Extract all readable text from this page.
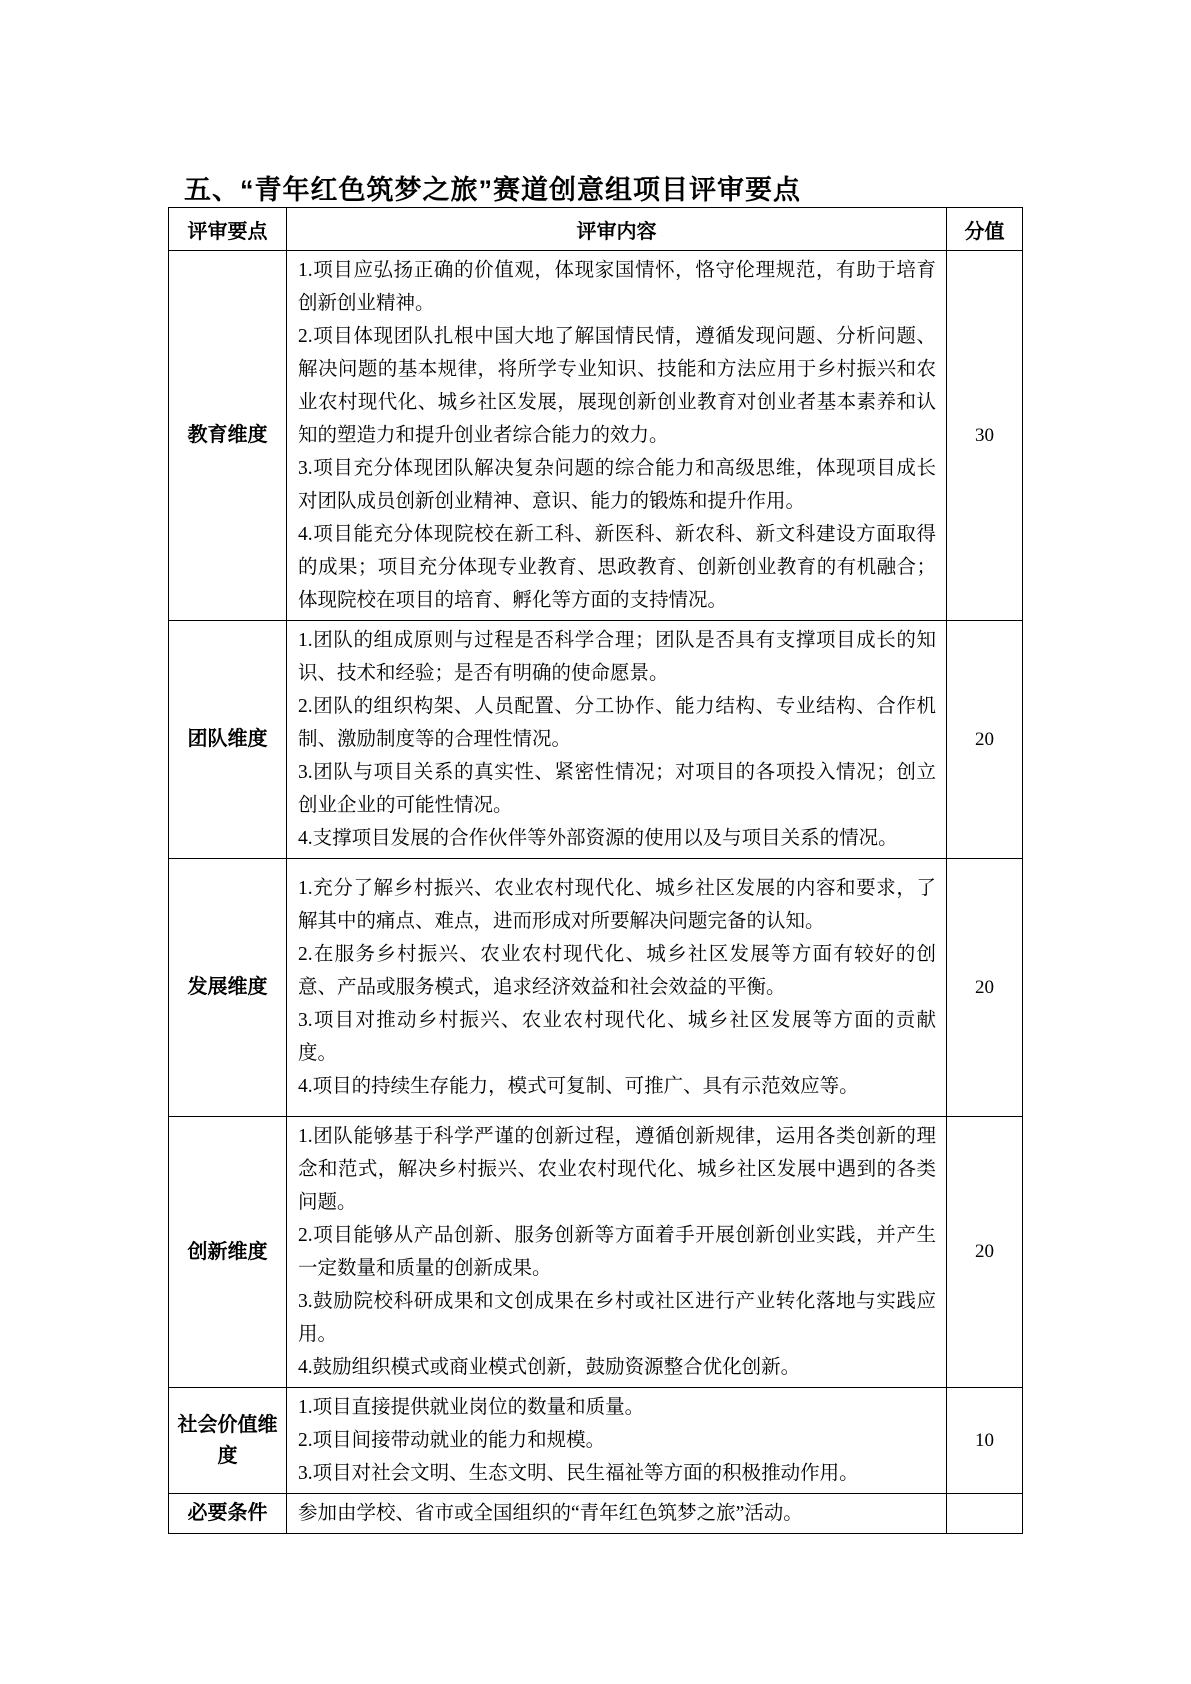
五、“青年红色筑梦之旅”赛道创意组项目评审要点
评审要点	评审内容	分值
教育维度	1.项目应弘扬正确的价值观，体现家国情怀，恪守伦理规范，有助于培育创新创业精神。

2.项目体现团队扎根中国大地了解国情民情，遵循发现问题、分析问题、解决问题的基本规律，将所学专业知识、技能和方法应用于乡村振兴和农业农村现代化、城乡社区发展，展现创新创业教育对创业者基本素养和认知的塑造力和提升创业者综合能力的效力。

3.项目充分体现团队解决复杂问题的综合能力和高级思维，体现项目成长对团队成员创新创业精神、意识、能力的锻炼和提升作用。

4.项目能充分体现院校在新工科、新医科、新农科、新文科建设方面取得的成果；项目充分体现专业教育、思政教育、创新创业教育的有机融合；体现院校在项目的培育、孵化等方面的支持情况。	30
团队维度	1.团队的组成原则与过程是否科学合理；团队是否具有支撑项目成长的知识、技术和经验；是否有明确的使命愿景。

2.团队的组织构架、人员配置、分工协作、能力结构、专业结构、合作机制、激励制度等的合理性情况。

3.团队与项目关系的真实性、紧密性情况；对项目的各项投入情况；创立创业企业的可能性情况。

4.支撑项目发展的合作伙伴等外部资源的使用以及与项目关系的情况。	20
发展维度	1.充分了解乡村振兴、农业农村现代化、城乡社区发展的内容和要求，了解其中的痛点、难点，进而形成对所要解决问题完备的认知。

2.在服务乡村振兴、农业农村现代化、城乡社区发展等方面有较好的创意、产品或服务模式，追求经济效益和社会效益的平衡。

3.项目对推动乡村振兴、农业农村现代化、城乡社区发展等方面的贡献度。

4.项目的持续生存能力，模式可复制、可推广、具有示范效应等。	20
创新维度	1.团队能够基于科学严谨的创新过程，遵循创新规律，运用各类创新的理念和范式，解决乡村振兴、农业农村现代化、城乡社区发展中遇到的各类问题。

2.项目能够从产品创新、服务创新等方面着手开展创新创业实践，并产生一定数量和质量的创新成果。

3.鼓励院校科研成果和文创成果在乡村或社区进行产业转化落地与实践应用。

4.鼓励组织模式或商业模式创新，鼓励资源整合优化创新。	20
社会价值维度	1.项目直接提供就业岗位的数量和质量。

2.项目间接带动就业的能力和规模。

3.项目对社会文明、生态文明、民生福祉等方面的积极推动作用。	10
必要条件	参加由学校、省市或全国组织的“青年红色筑梦之旅”活动。	
